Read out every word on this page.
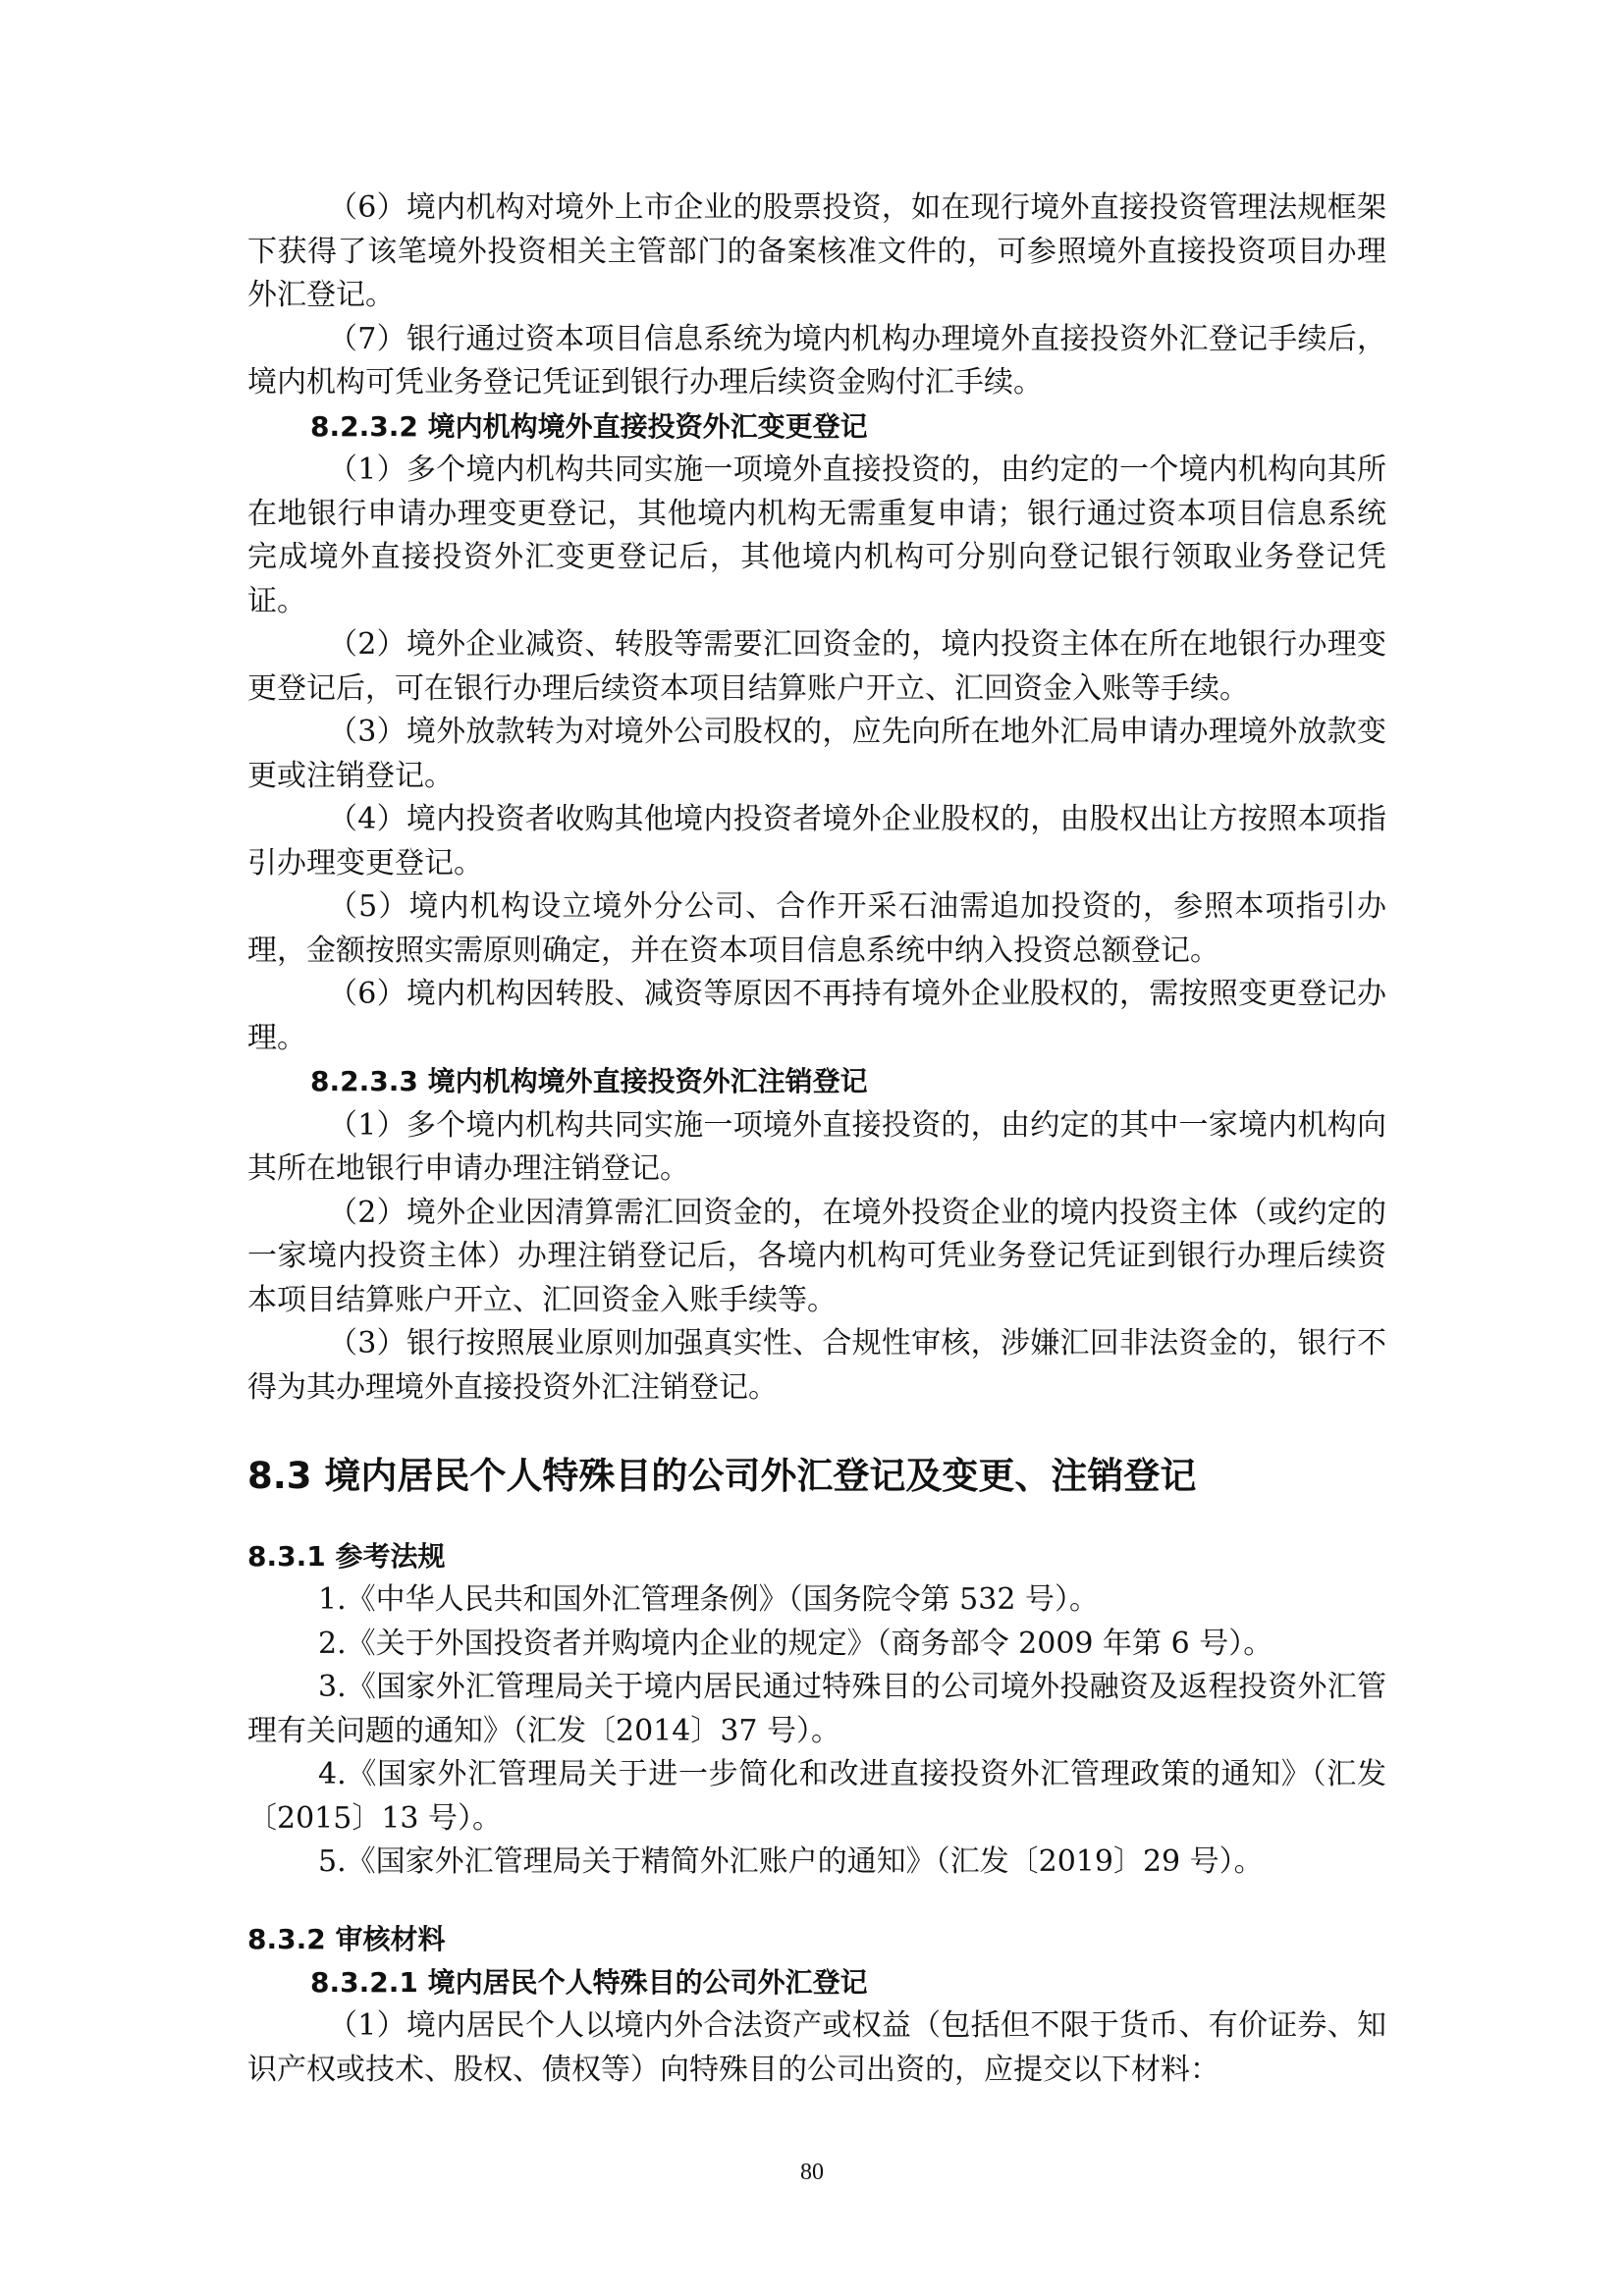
（6）境内机构对境外上市企业的股票投资，如在现行境外直接投资管理法规框架下获得了该笔境外投资相关主管部门的备案核准文件的，可参照境外直接投资项目办理外汇登记。

（7）银行通过资本项目信息系统为境内机构办理境外直接投资外汇登记手续后，境内机构可凭业务登记凭证到银行办理后续资金购付汇手续。

8.2.3.2 境内机构境外直接投资外汇变更登记

（1）多个境内机构共同实施一项境外直接投资的，由约定的一个境内机构向其所在地银行申请办理变更登记，其他境内机构无需重复申请；银行通过资本项目信息系统完成境外直接投资外汇变更登记后，其他境内机构可分别向登记银行领取业务登记凭证。

（2）境外企业减资、转股等需要汇回资金的，境内投资主体在所在地银行办理变更登记后，可在银行办理后续资本项目结算账户开立、汇回资金入账等手续。

（3）境外放款转为对境外公司股权的，应先向所在地外汇局申请办理境外放款变更或注销登记。

（4）境内投资者收购其他境内投资者境外企业股权的，由股权出让方按照本项指引办理变更登记。

（5）境内机构设立境外分公司、合作开采石油需追加投资的，参照本项指引办理，金额按照实需原则确定，并在资本项目信息系统中纳入投资总额登记。

（6）境内机构因转股、减资等原因不再持有境外企业股权的，需按照变更登记办理。

8.2.3.3 境内机构境外直接投资外汇注销登记

（1）多个境内机构共同实施一项境外直接投资的，由约定的其中一家境内机构向其所在地银行申请办理注销登记。

（2）境外企业因清算需汇回资金的，在境外投资企业的境内投资主体（或约定的一家境内投资主体）办理注销登记后，各境内机构可凭业务登记凭证到银行办理后续资本项目结算账户开立、汇回资金入账手续等。

（3）银行按照展业原则加强真实性、合规性审核，涉嫌汇回非法资金的，银行不得为其办理境外直接投资外汇注销登记。

8.3 境内居民个人特殊目的公司外汇登记及变更、注销登记

8.3.1 参考法规

1.《中华人民共和国外汇管理条例》（国务院令第 532 号）。

2.《关于外国投资者并购境内企业的规定》（商务部令 2009 年第 6 号）。

3.《国家外汇管理局关于境内居民通过特殊目的公司境外投融资及返程投资外汇管理有关问题的通知》（汇发〔2014〕37 号）。

4.《国家外汇管理局关于进一步简化和改进直接投资外汇管理政策的通知》（汇发〔2015〕13 号）。

5.《国家外汇管理局关于精简外汇账户的通知》（汇发〔2019〕29 号）。

8.3.2 审核材料

8.3.2.1 境内居民个人特殊目的公司外汇登记

（1）境内居民个人以境内外合法资产或权益（包括但不限于货币、有价证券、知识产权或技术、股权、债权等）向特殊目的公司出资的，应提交以下材料：

80
